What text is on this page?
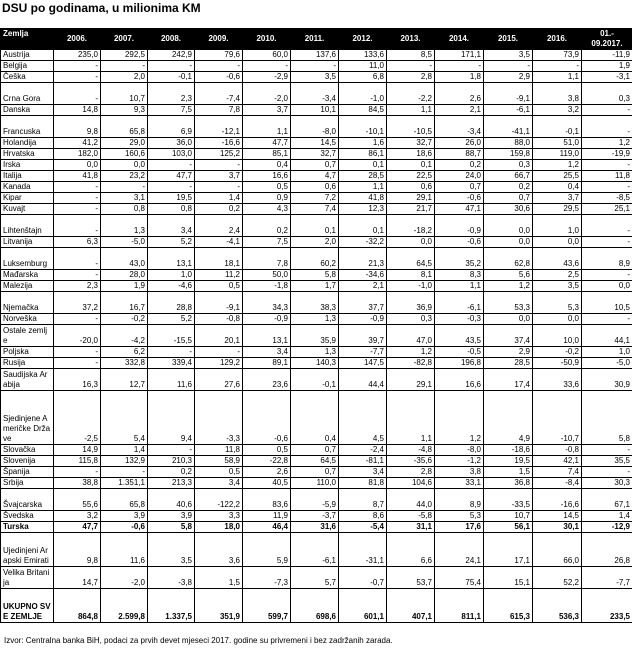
DSU po godinama, u milionima KM
Zemlja	2006.	2007.	2008.	2009.	2010.	2011.	2012.	2013.	2014.	2015.	2016.	01.- 09.2017.
Austrija	235,0	292,5	242,9	79,6	60,0	137,6	133,6	8,5	171,1	3,5	73,9	-11,9
Belgija	-	-	-	-	-	-	11,0	-	-	-	-	1,9
Češka	-	2,0	-0,1	-0,6	-2,9	3,5	6,8	2,8	1,8	2,9	1,1	-3,1
Crna Gora	-	10,7	2,3	-7,4	-2,0	-3,4	-1,0	-2,2	2,6	-9,1	3,8	0,3
Danska	14,8	9,3	7,5	7,8	3,7	10,1	84,5	1,1	2,1	-6,1	3,2	-
Francuska	9,8	65,8	6,9	-12,1	1,1	-8,0	-10,1	-10,5	-3,4	-41,1	-0,1	-
Holandija	41,2	29,0	36,0	-16,6	47,7	14,5	1,6	32,7	26,0	88,0	51,0	1,2
Hrvatska	182,0	160,6	103,0	125,2	85,1	32,7	86,1	18,6	88,7	159,8	119,0	-19,9
Irska	0,0	0,0	-	-	0,4	0,7	0,1	0,1	0,2	0,3	1,2	-
Italija	41,8	23,2	47,7	3,7	16,6	4,7	28,5	22,5	24,0	66,7	25,5	11,8
Kanada	-	-	-	-	0,5	0,6	1,1	0,6	0,7	0,2	0,4	-
Kipar	-	3,1	19,5	1,4	0,9	7,2	41,8	29,1	-0,6	0,7	3,7	-8,5
Kuvajt	-	0,8	0,8	0,2	4,3	7,4	12,3	21,7	47,1	30,6	29,5	25,1
Lihtenštajn	-	1,3	3,4	2,4	0,2	0,1	0,1	-18,2	-0,9	0,0	1,0	-
Litvanija	6,3	-5,0	5,2	-4,1	7,5	2,0	-32,2	0,0	-0,6	0,0	0,0	-
Luksemburg	-	43,0	13,1	18,1	7,8	60,2	21,3	64,5	35,2	62,8	43,6	8,9
Mađarska	-	28,0	1,0	11,2	50,0	5,8	-34,6	8,1	8,3	5,6	2,5	-
Malezija	2,3	1,9	-4,6	0,5	-1,8	1,7	2,1	-1,0	1,1	1,2	3,5	0,0
Njemačka	37,2	16,7	28,8	-9,1	34,3	38,3	37,7	36,9	-6,1	53,3	5,3	10,5
Norveška	-	-0,2	5,2	-0,8	-0,9	1,3	-0,9	0,3	-0,3	0,0	0,0	-
Ostale zemlje	-20,0	-4,2	-15,5	20,1	13,1	35,9	39,7	47,0	43,5	37,4	10,0	44,1
Poljska	-	6,2	-	-	3,4	1,3	-7,7	1,2	-0,5	2,9	-0,2	1,0
Rusija	-	332,8	339,4	129,2	89,1	140,3	147,5	-82,8	196,8	28,5	-50,9	-5,0
Saudijska Arabija	16,3	12,7	11,6	27,6	23,6	-0,1	44,4	29,1	16,6	17,4	33,6	30,9
Sjedinjene Američke Države	-2,5	5,4	9,4	-3,3	-0,6	0,4	4,5	1,1	1,2	4,9	-10,7	5,8
Slovačka	14,9	1,4	-	11,8	0,5	0,7	-2,4	-4,8	-8,0	-18,6	-0,8	-
Slovenija	115,8	132,9	210,3	58,9	-22,8	64,5	-81,1	-35,6	-1,2	19,5	42,1	35,5
Španija	-	-	0,2	0,5	2,6	0,7	3,4	2,8	3,8	1,5	7,4	-
Srbija	38,8	1.351,1	213,3	3,4	40,5	110,0	81,8	104,6	33,1	36,8	-8,4	30,3
Švajcarska	55,6	65,8	40,6	-122,2	83,6	-5,9	8,7	44,0	8,9	-33,5	-16,6	67,1
Švedska	3,2	3,9	3,9	3,3	11,9	-3,7	8,6	-5,8	5,3	10,7	14,5	1,4
Turska	47,7	-0,6	5,8	18,0	46,4	31,6	-5,4	31,1	17,6	56,1	30,1	-12,9
Ujedinjeni Arapski Emirati	9,8	11,6	3,5	3,6	5,9	-6,1	-31,1	6,6	24,1	17,1	66,0	26,8
Velika Britanija	14,7	-2,0	-3,8	1,5	-7,3	5,7	-0,7	53,7	75,4	15,1	52,2	-7,7
UKUPNO SVE ZEMLJE	864,8	2.599,8	1.337,5	351,9	599,7	698,6	601,1	407,1	811,1	615,3	536,3	233,5
Izvor: Centralna banka BiH, podaci za prvih devet mjeseci 2017. godine su privremeni i bez zadržanih zarada.
